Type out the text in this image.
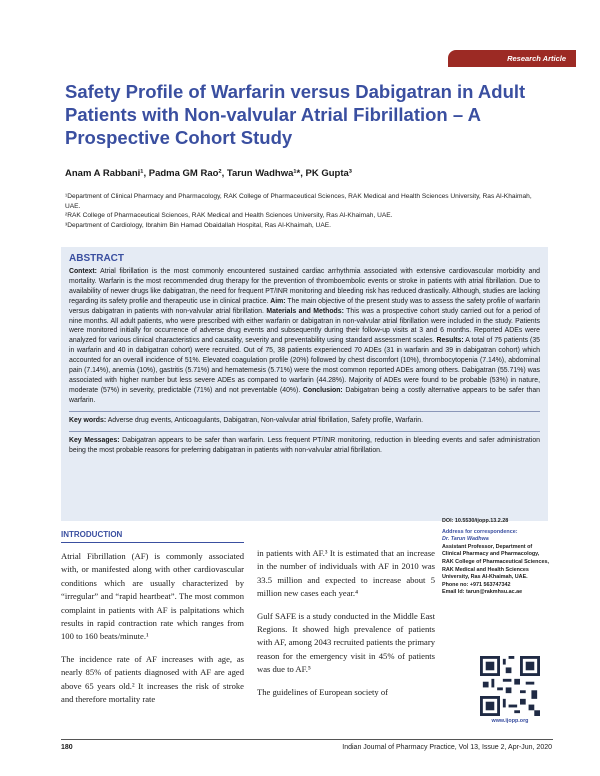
Research Article
Safety Profile of Warfarin versus Dabigatran in Adult Patients with Non-valvular Atrial Fibrillation – A Prospective Cohort Study
Anam A Rabbani¹, Padma GM Rao², Tarun Wadhwa¹*, PK Gupta³
¹Department of Clinical Pharmacy and Pharmacology, RAK College of Pharmaceutical Sciences, RAK Medical and Health Sciences University, Ras Al-Khaimah, UAE.
²RAK College of Pharmaceutical Sciences, RAK Medical and Health Sciences University, Ras Al-Khaimah, UAE.
³Department of Cardiology, Ibrahim Bin Hamad Obaidallah Hospital, Ras Al-Khaimah, UAE.
ABSTRACT

Context: Atrial fibrillation is the most commonly encountered sustained cardiac arrhythmia associated with extensive cardiovascular morbidity and mortality. Warfarin is the most recommended drug therapy for the prevention of thromboembolic events or stroke in patients with atrial fibrillation. Due to availability of newer drugs like dabigatran, the need for frequent PT/INR monitoring and bleeding risk has reduced drastically. Although, studies are lacking regarding its safety profile and therapeutic use in clinical practice. Aim: The main objective of the present study was to assess the safety profile of warfarin versus dabigatran in patients with non-valvular atrial fibrillation. Materials and Methods: This was a prospective cohort study carried out for a period of nine months. All adult patients, who were prescribed with either warfarin or dabigatran in non-valvular atrial fibrillation were included in the study. Patients were monitored initially for occurrence of adverse drug events and subsequently during their follow-up visits at 3 and 6 months. Reported ADEs were analyzed for various clinical characteristics and causality, severity and preventability using standard assessment scales. Results: A total of 75 patients (35 in warfarin and 40 in dabigatran cohort) were recruited. Out of 75, 38 patients experienced 70 ADEs (31 in warfarin and 39 in dabigatran cohort) which accounted for an overall incidence of 51%. Elevated coagulation profile (20%) followed by chest discomfort (10%), thrombocytopenia (7.14%), abdominal pain (7.14%), anemia (10%), gastritis (5.71%) and hematemesis (5.71%) were the most common reported ADEs among others. Dabigatran (55.71%) was associated with higher number but less severe ADEs as compared to warfarin (44.28%). Majority of ADEs were found to be probable (53%) in nature, moderate (57%) in severity, predictable (71%) and not preventable (40%). Conclusion: Dabigatran being a costly alternative appears to be safer than warfarin.

Key words: Adverse drug events, Anticoagulants, Dabigatran, Non-valvular atrial fibrillation, Safety profile, Warfarin.

Key Messages: Dabigatran appears to be safer than warfarin. Less frequent PT/INR monitoring, reduction in bleeding events and safer administration being the most probable reasons for preferring dabigatran in patients with non-valvular atrial fibrillation.

INTRODUCTION

Atrial Fibrillation (AF) is commonly associated with, or manifested along with other cardiovascular conditions which are usually characterized by “irregular” and “rapid heartbeat”. The most common complaint in patients with AF is palpitations which results in rapid contraction rate which ranges from 100 to 160 beats/minute.¹

The incidence rate of AF increases with age, as nearly 85% of patients diagnosed with AF are aged above 65 years old.² It increases the risk of stroke and therefore mortality rate

in patients with AF.³ It is estimated that an increase in the number of individuals with AF in 2010 was 33.5 million and expected to increase about 5 million new cases each year.⁴

Gulf SAFE is a study conducted in the Middle East Regions. It showed high prevalence of patients with AF, among 2043 recruited patients the primary reason for the emergency visit in 45% of patients was due to AF.⁵

The guidelines of European society of

DOI: 10.5530/ijopp.13.2.28
Address for correspondence:
Dr. Tarun Wadhwa
Assistant Professor, Department of Clinical Pharmacy and Pharmacology, RAK College of Pharmaceutical Sciences, RAK Medical and Health Sciences University, Ras Al-Khaimah, UAE.
Phone no: +971 563747342
Email Id: tarun@rakmhsu.ac.ae
www.ijopp.org
180	Indian Journal of Pharmacy Practice, Vol 13, Issue 2, Apr-Jun, 2020
